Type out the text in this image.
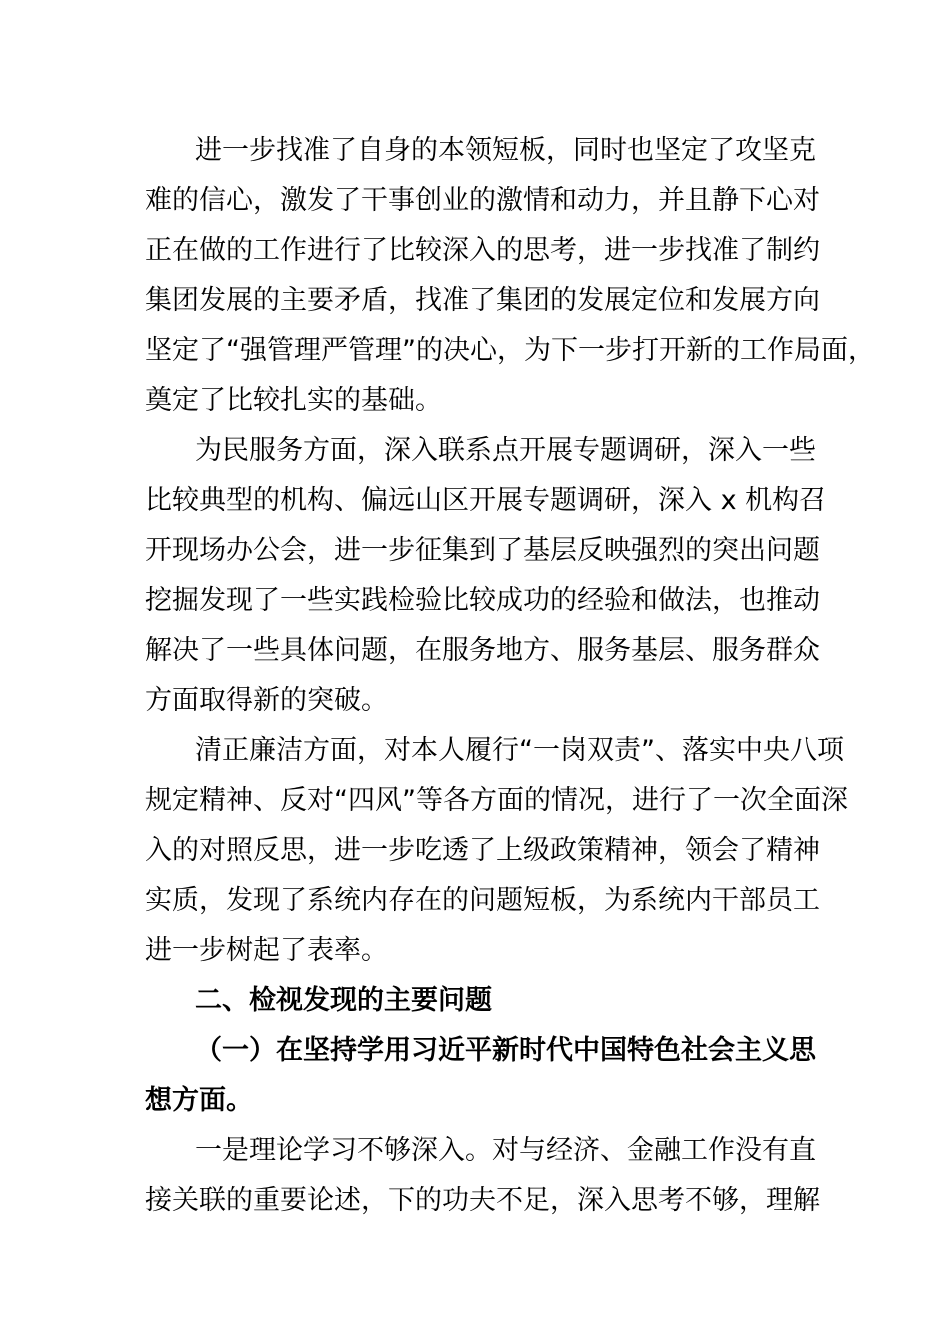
进一步找准了自身的本领短板，同时也坚定了攻坚克
难的信心，激发了干事创业的激情和动力，并且静下心对
正在做的工作进行了比较深入的思考，进一步找准了制约
集团发展的主要矛盾，找准了集团的发展定位和发展方向
坚定了“强管理严管理”的决心，为下一步打开新的工作局面，
奠定了比较扎实的基础。
为民服务方面，深入联系点开展专题调研，深入一些
比较典型的机构、偏远山区开展专题调研，深入 x 机构召
开现场办公会，进一步征集到了基层反映强烈的突出问题
挖掘发现了一些实践检验比较成功的经验和做法，也推动
解决了一些具体问题，在服务地方、服务基层、服务群众
方面取得新的突破。
清正廉洁方面，对本人履行“一岗双责”、落实中央八项
规定精神、反对“四风”等各方面的情况，进行了一次全面深
入的对照反思，进一步吃透了上级政策精神，领会了精神
实质，发现了系统内存在的问题短板，为系统内干部员工
进一步树起了表率。
二、检视发现的主要问题
（一）在坚持学用习近平新时代中国特色社会主义思
想方面。
一是理论学习不够深入。对与经济、金融工作没有直
接关联的重要论述，下的功夫不足，深入思考不够，理解
